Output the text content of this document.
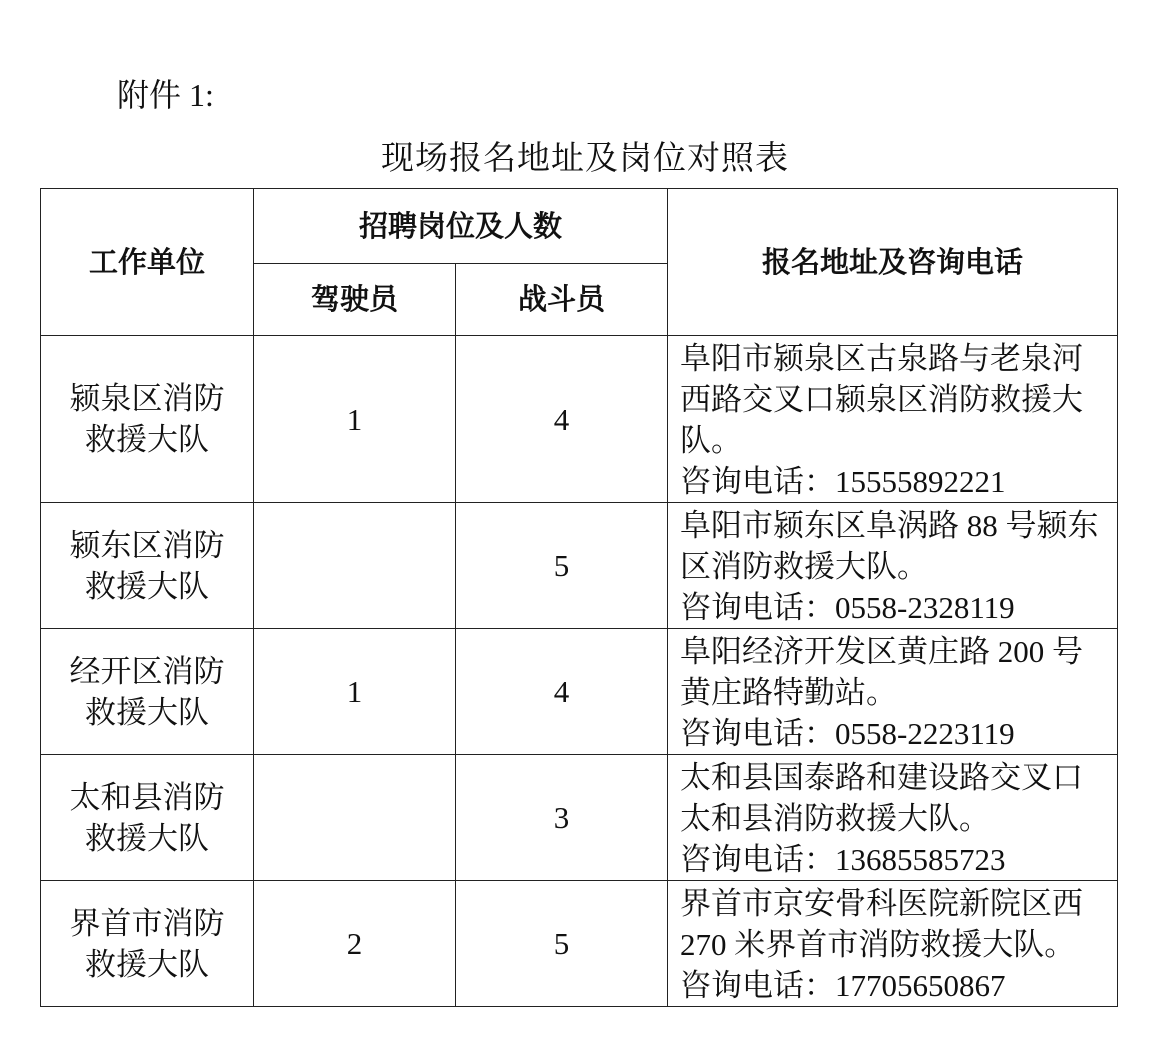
附件 1:
现场报名地址及岗位对照表
工作单位	招聘岗位及人数		报名地址及咨询电话
	驾驶员	战斗员	

颍泉区消防
救援大队	1	4	阜阳市颍泉区古泉路与老泉河
西路交叉口颍泉区消防救援大
队。
咨询电话：15555892221

颍东区消防
救援大队		5	阜阳市颍东区阜涡路 88 号颍东
区消防救援大队。
咨询电话：0558-2328119

经开区消防
救援大队	1	4	阜阳经济开发区黄庄路 200 号
黄庄路特勤站。
咨询电话：0558-2223119

太和县消防
救援大队		3	太和县国泰路和建设路交叉口
太和县消防救援大队。
咨询电话：13685585723

界首市消防
救援大队	2	5	界首市京安骨科医院新院区西
270 米界首市消防救援大队。
咨询电话：17705650867
